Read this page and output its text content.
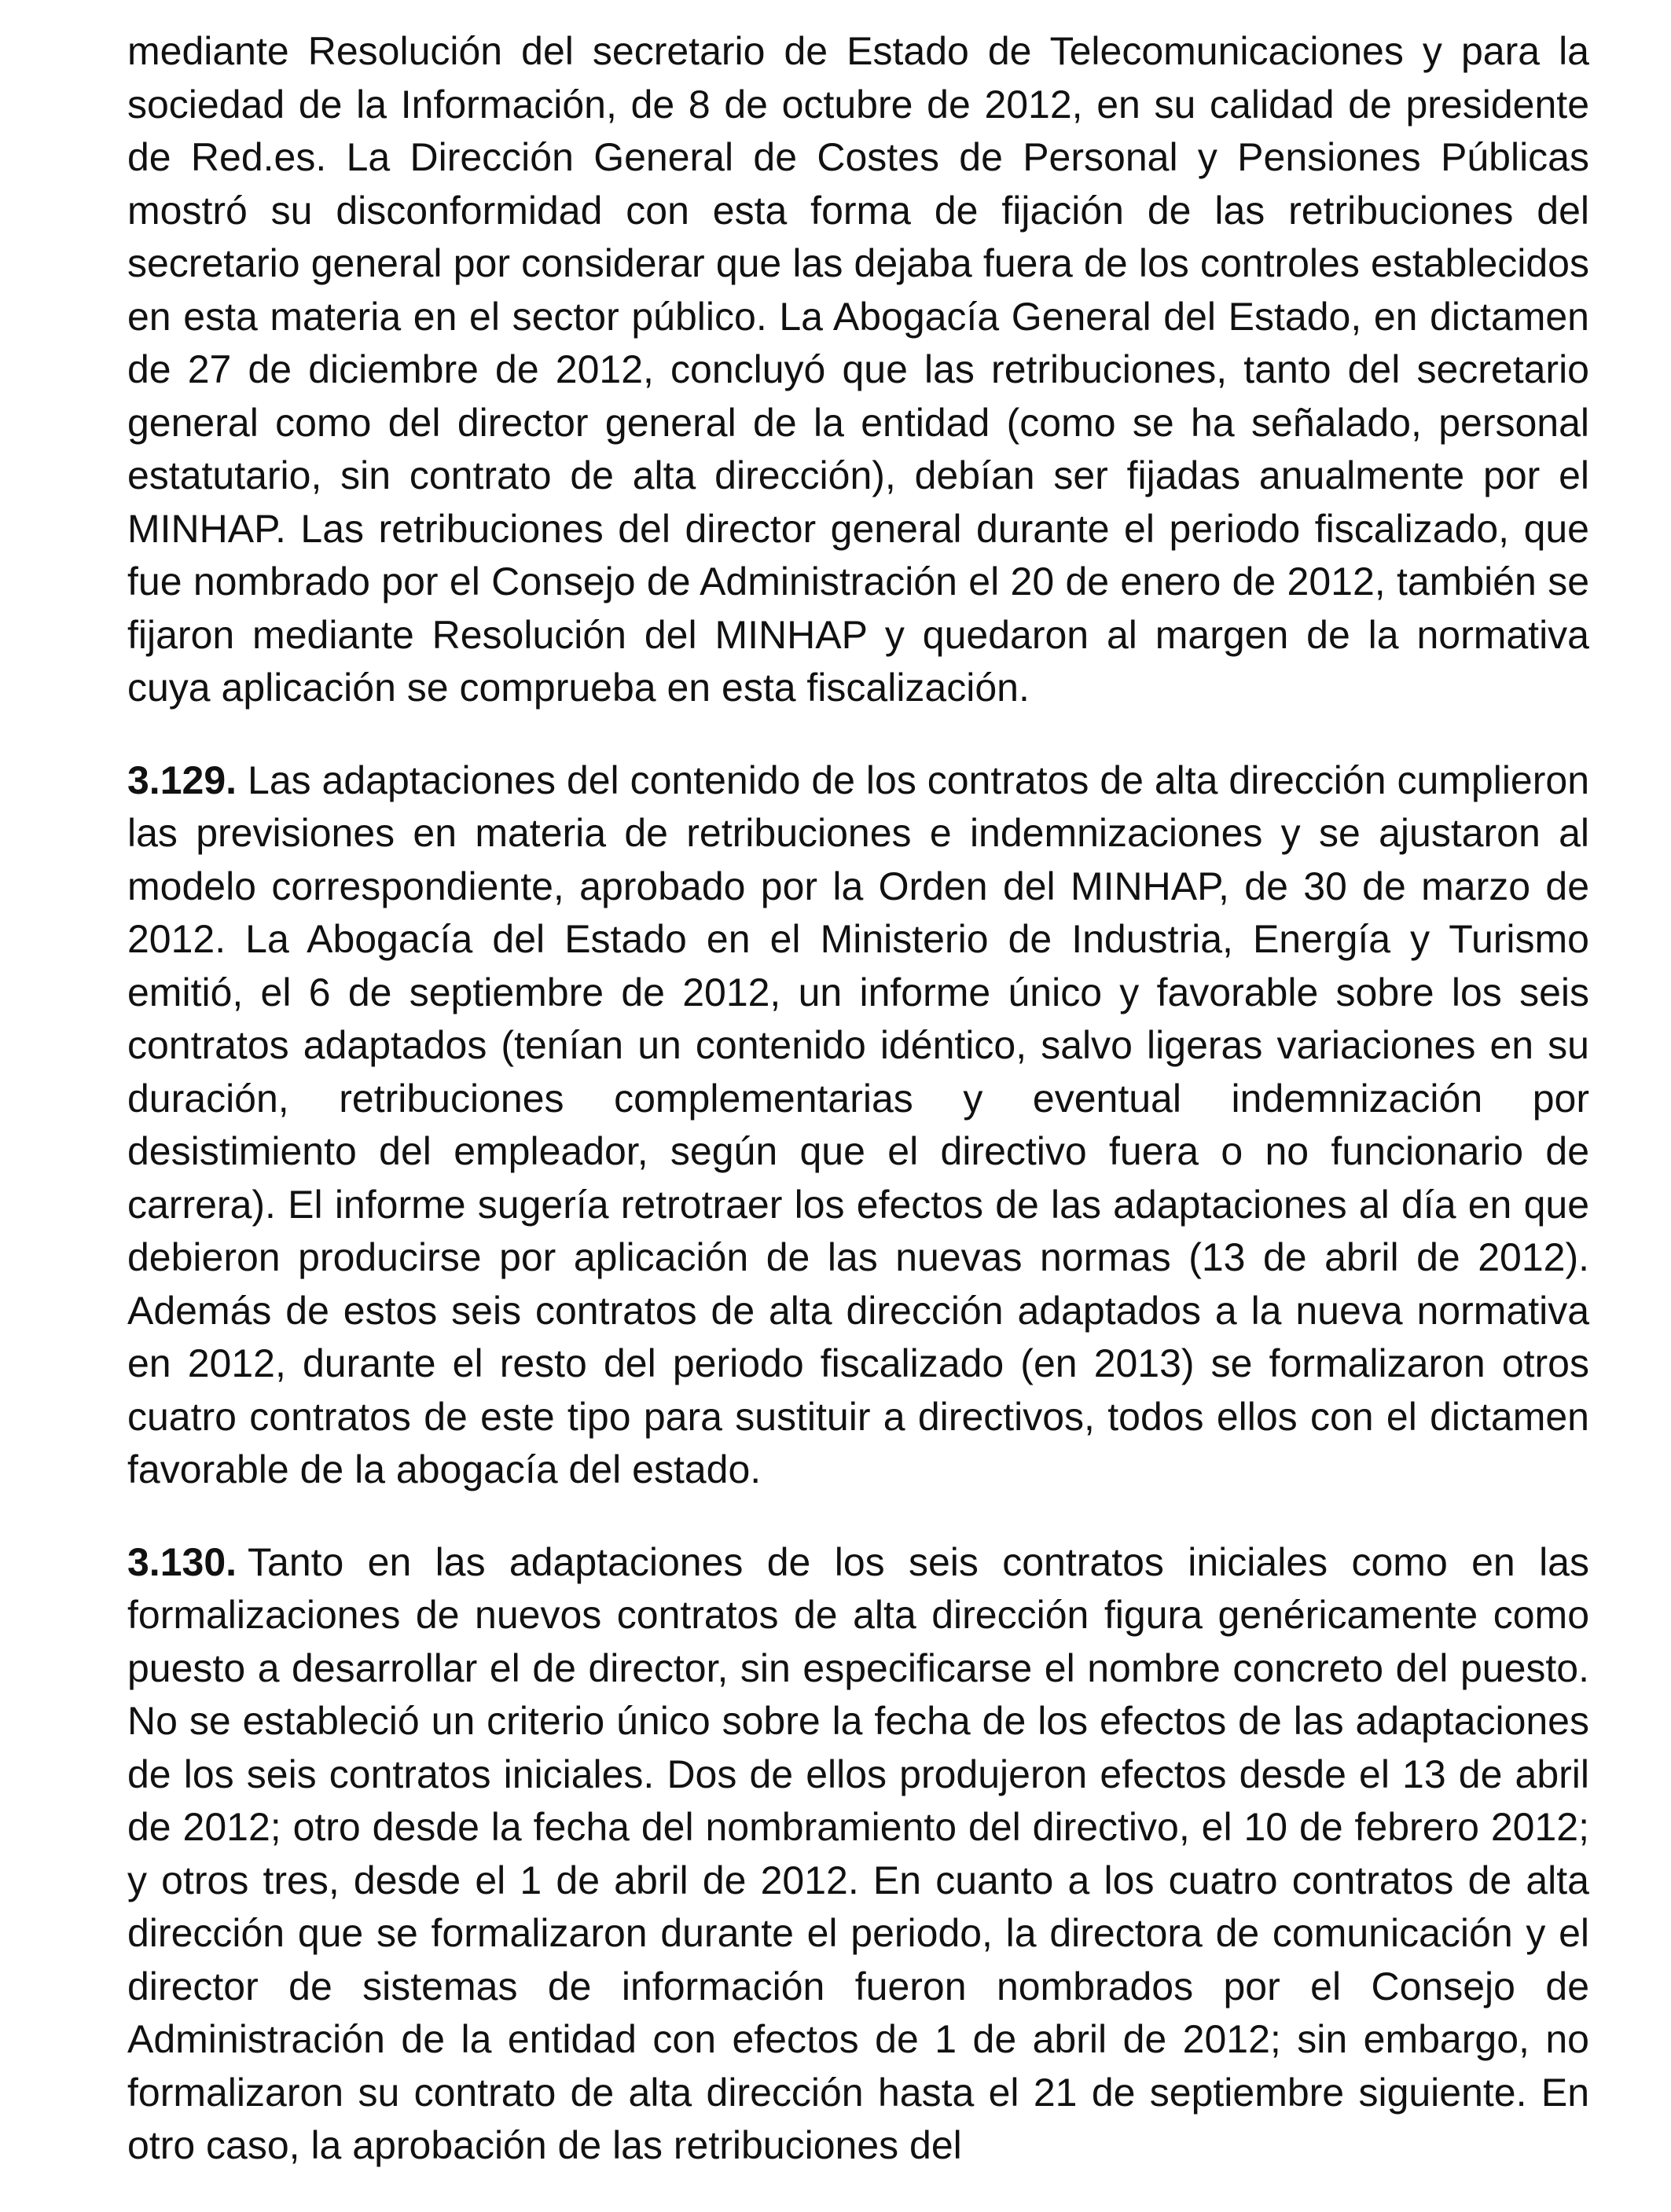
mediante Resolución del secretario de Estado de Telecomunicaciones y para la sociedad de la Información, de 8 de octubre de 2012, en su calidad de presidente de Red.es. La Dirección General de Costes de Personal y Pensiones Públicas mostró su disconformidad con esta forma de fijación de las retribuciones del secretario general por considerar que las dejaba fuera de los controles establecidos en esta materia en el sector público. La Abogacía General del Estado, en dictamen de 27 de diciembre de 2012, concluyó que las retribuciones, tanto del secretario general como del director general de la entidad (como se ha señalado, personal estatutario, sin contrato de alta dirección), debían ser fijadas anualmente por el MINHAP. Las retribuciones del director general durante el periodo fiscalizado, que fue nombrado por el Consejo de Administración el 20 de enero de 2012, también se fijaron mediante Resolución del MINHAP y quedaron al margen de la normativa cuya aplicación se comprueba en esta fiscalización.

3.129. Las adaptaciones del contenido de los contratos de alta dirección cumplieron las previsiones en materia de retribuciones e indemnizaciones y se ajustaron al modelo correspondiente, aprobado por la Orden del MINHAP, de 30 de marzo de 2012. La Abogacía del Estado en el Ministerio de Industria, Energía y Turismo emitió, el 6 de septiembre de 2012, un informe único y favorable sobre los seis contratos adaptados (tenían un contenido idéntico, salvo ligeras variaciones en su duración, retribuciones complementarias y eventual indemnización por desistimiento del empleador, según que el directivo fuera o no funcionario de carrera). El informe sugería retrotraer los efectos de las adaptaciones al día en que debieron producirse por aplicación de las nuevas normas (13 de abril de 2012). Además de estos seis contratos de alta dirección adaptados a la nueva normativa en 2012, durante el resto del periodo fiscalizado (en 2013) se formalizaron otros cuatro contratos de este tipo para sustituir a directivos, todos ellos con el dictamen favorable de la abogacía del estado.

3.130. Tanto en las adaptaciones de los seis contratos iniciales como en las formalizaciones de nuevos contratos de alta dirección figura genéricamente como puesto a desarrollar el de director, sin especificarse el nombre concreto del puesto. No se estableció un criterio único sobre la fecha de los efectos de las adaptaciones de los seis contratos iniciales. Dos de ellos produjeron efectos desde el 13 de abril de 2012; otro desde la fecha del nombramiento del directivo, el 10 de febrero 2012; y otros tres, desde el 1 de abril de 2012. En cuanto a los cuatro contratos de alta dirección que se formalizaron durante el periodo, la directora de comunicación y el director de sistemas de información fueron nombrados por el Consejo de Administración de la entidad con efectos de 1 de abril de 2012; sin embargo, no formalizaron su contrato de alta dirección hasta el 21 de septiembre siguiente. En otro caso, la aprobación de las retribuciones del
